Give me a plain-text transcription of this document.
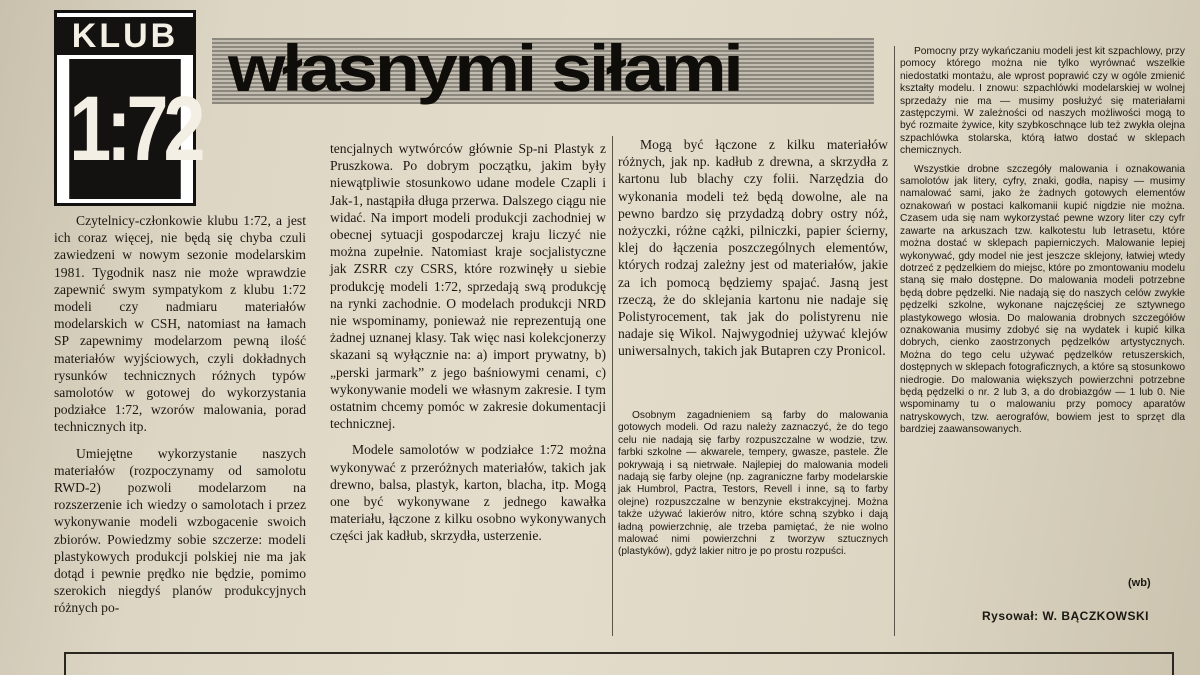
KLUB
1:72
własnymi siłami

Czytelnicy-członkowie klubu 1:72, a jest ich coraz więcej, nie będą się chyba czuli zawiedzeni w nowym sezonie modelarskim 1981. Tygodnik nasz nie może wprawdzie zapewnić swym sympatykom z klubu 1:72 modeli czy nadmiaru materiałów modelarskich w CSH, natomiast na łamach SP zapewnimy modelarzom pewną ilość materiałów wyjściowych, czyli dokładnych rysunków technicznych różnych typów samolotów w gotowej do wykorzystania podziałce 1:72, wzorów malowania, porad technicznych itp.

Umiejętne wykorzystanie naszych materiałów (rozpoczynamy od samolotu RWD-2) pozwoli modelarzom na rozszerzenie ich wiedzy o samolotach i przez wykonywanie modeli wzbogacenie swoich zbiorów. Powiedzmy sobie szczerze: modeli plastykowych produkcji polskiej nie ma jak dotąd i pewnie prędko nie będzie, pomimo szerokich niegdyś planów produkcyjnych różnych po-

tencjalnych wytwórców głównie Sp-ni Plastyk z Pruszkowa. Po dobrym początku, jakim były niewątpliwie stosunkowo udane modele Czapli i Jak-1, nastąpiła długa przerwa. Dalszego ciągu nie widać. Na import modeli produkcji zachodniej w obecnej sytuacji gospodarczej kraju liczyć nie można zupełnie. Natomiast kraje socjalistyczne jak ZSRR czy CSRS, które rozwinęły u siebie produkcję modeli 1:72, sprzedają swą produkcję na rynki zachodnie. O modelach produkcji NRD nie wspominamy, ponieważ nie reprezentują one żadnej uznanej klasy. Tak więc nasi kolekcjonerzy skazani są wyłącznie na: a) import prywatny, b) „perski jarmark” z jego baśniowymi cenami, c) wykonywanie modeli we własnym zakresie. I tym ostatnim chcemy pomóc w zakresie dokumentacji technicznej.

Modele samolotów w podziałce 1:72 można wykonywać z przeróżnych materiałów, takich jak drewno, balsa, plastyk, karton, blacha, itp. Mogą one być wykonywane z jednego kawałka materiału, łączone z kilku osobno wykonywanych części jak kadłub, skrzydła, usterzenie.

Mogą być łączone z kilku materiałów różnych, jak np. kadłub z drewna, a skrzydła z kartonu lub blachy czy folii. Narzędzia do wykonania modeli też będą dowolne, ale na pewno bardzo się przydadzą dobry ostry nóż, nożyczki, różne cążki, pilniczki, papier ścierny, klej do łączenia poszczególnych elementów, których rodzaj zależny jest od materiałów, jakie za ich pomocą będziemy spajać. Jasną jest rzeczą, że do sklejania kartonu nie nadaje się Polistyrocement, tak jak do polistyrenu nie nadaje się Wikol. Najwygodniej używać klejów uniwersalnych, takich jak Butapren czy Pronicol.

Osobnym zagadnieniem są farby do malowania gotowych modeli. Od razu należy zaznaczyć, że do tego celu nie nadają się farby rozpuszczalne w wodzie, tzw. farbki szkolne — akwarele, tempery, gwasze, pastele. Źle pokrywają i są nietrwałe. Najlepiej do malowania modeli nadają się farby olejne (np. zagraniczne farby modelarskie jak Humbrol, Pactra, Testors, Revell i inne, są to farby olejne) rozpuszczalne w benzynie ekstrakcyjnej. Można także używać lakierów nitro, które schną szybko i dają ładną powierzchnię, ale trzeba pamiętać, że nie wolno malować nimi powierzchni z tworzyw sztucznych (plastyków), gdyż lakier nitro je po prostu rozpuści.

Pomocny przy wykańczaniu modeli jest kit szpachlowy, przy pomocy którego można nie tylko wyrównać wszelkie niedostatki montażu, ale wprost poprawić czy w ogóle zmienić kształty modelu. I znowu: szpachlówki modelarskiej w wolnej sprzedaży nie ma — musimy posłużyć się materiałami zastępczymi. W zależności od naszych możliwości mogą to być rozmaite żywice, kity szybkoschnące lub też zwykła olejna szpachlówka stolarska, którą łatwo dostać w sklepach chemicznych.

Wszystkie drobne szczegóły malowania i oznakowania samolotów jak litery, cyfry, znaki, godła, napisy — musimy namalować sami, jako że żadnych gotowych elementów oznakowań w postaci kalkomanii kupić nigdzie nie można. Czasem uda się nam wykorzystać pewne wzory liter czy cyfr zawarte na arkuszach tzw. kalkotestu lub letrasetu, które można dostać w sklepach papierniczych. Malowanie lepiej wykonywać, gdy model nie jest jeszcze sklejony, łatwiej wtedy dotrzeć z pędzelkiem do miejsc, które po zmontowaniu modelu staną się mało dostępne. Do malowania modeli potrzebne będą dobre pędzelki. Nie nadają się do naszych celów zwykłe pędzelki szkolne, wykonane najczęściej ze sztywnego plastykowego włosia. Do malowania drobnych szczegółów oznakowania musimy zdobyć się na wydatek i kupić kilka dobrych, cienko zaostrzonych pędzelków artystycznych. Można do tego celu używać pędzelków retuszerskich, dostępnych w sklepach fotograficznych, a które są stosunkowo niedrogie. Do malowania większych powierzchni potrzebne będą pędzelki o nr. 2 lub 3, a do drobiazgów — 1 lub 0. Nie wspominamy tu o malowaniu przy pomocy aparatów natryskowych, tzw. aerografów, bowiem jest to sprzęt dla bardziej zaawansowanych.

(wb)
Rysował: W. BĄCZKOWSKI
